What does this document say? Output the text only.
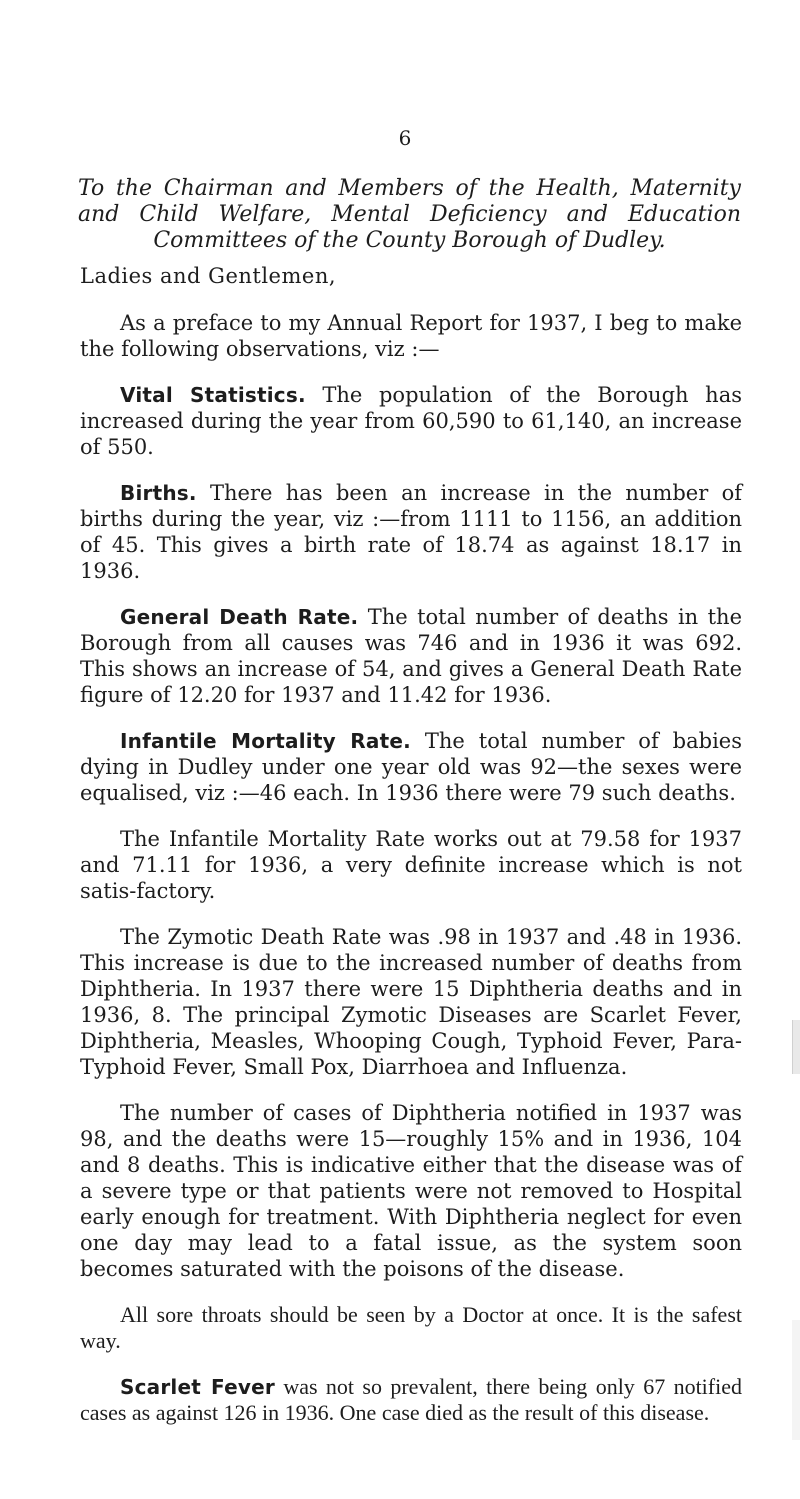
6
To the Chairman and Members of the Health, Maternity and Child Welfare, Mental Deficiency and Education Committees of the County Borough of Dudley.
Ladies and Gentlemen,

As a preface to my Annual Report for 1937, I beg to make the following observations, viz :—

Vital Statistics. The population of the Borough has increased during the year from 60,590 to 61,140, an increase of 550.

Births. There has been an increase in the number of births during the year, viz :—from 1111 to 1156, an addition of 45. This gives a birth rate of 18.74 as against 18.17 in 1936.

General Death Rate. The total number of deaths in the Borough from all causes was 746 and in 1936 it was 692. This shows an increase of 54, and gives a General Death Rate figure of 12.20 for 1937 and 11.42 for 1936.

Infantile Mortality Rate. The total number of babies dying in Dudley under one year old was 92—the sexes were equalised, viz :—46 each. In 1936 there were 79 such deaths.

The Infantile Mortality Rate works out at 79.58 for 1937 and 71.11 for 1936, a very definite increase which is not satis-factory.

The Zymotic Death Rate was .98 in 1937 and .48 in 1936. This increase is due to the increased number of deaths from Diphtheria. In 1937 there were 15 Diphtheria deaths and in 1936, 8. The principal Zymotic Diseases are Scarlet Fever, Diphtheria, Measles, Whooping Cough, Typhoid Fever, Para-Typhoid Fever, Small Pox, Diarrhoea and Influenza.

The number of cases of Diphtheria notified in 1937 was 98, and the deaths were 15—roughly 15% and in 1936, 104 and 8 deaths. This is indicative either that the disease was of a severe type or that patients were not removed to Hospital early enough for treatment. With Diphtheria neglect for even one day may lead to a fatal issue, as the system soon becomes saturated with the poisons of the disease.

All sore throats should be seen by a Doctor at once. It is the safest way.

Scarlet Fever was not so prevalent, there being only 67 notified cases as against 126 in 1936. One case died as the result of this disease.
